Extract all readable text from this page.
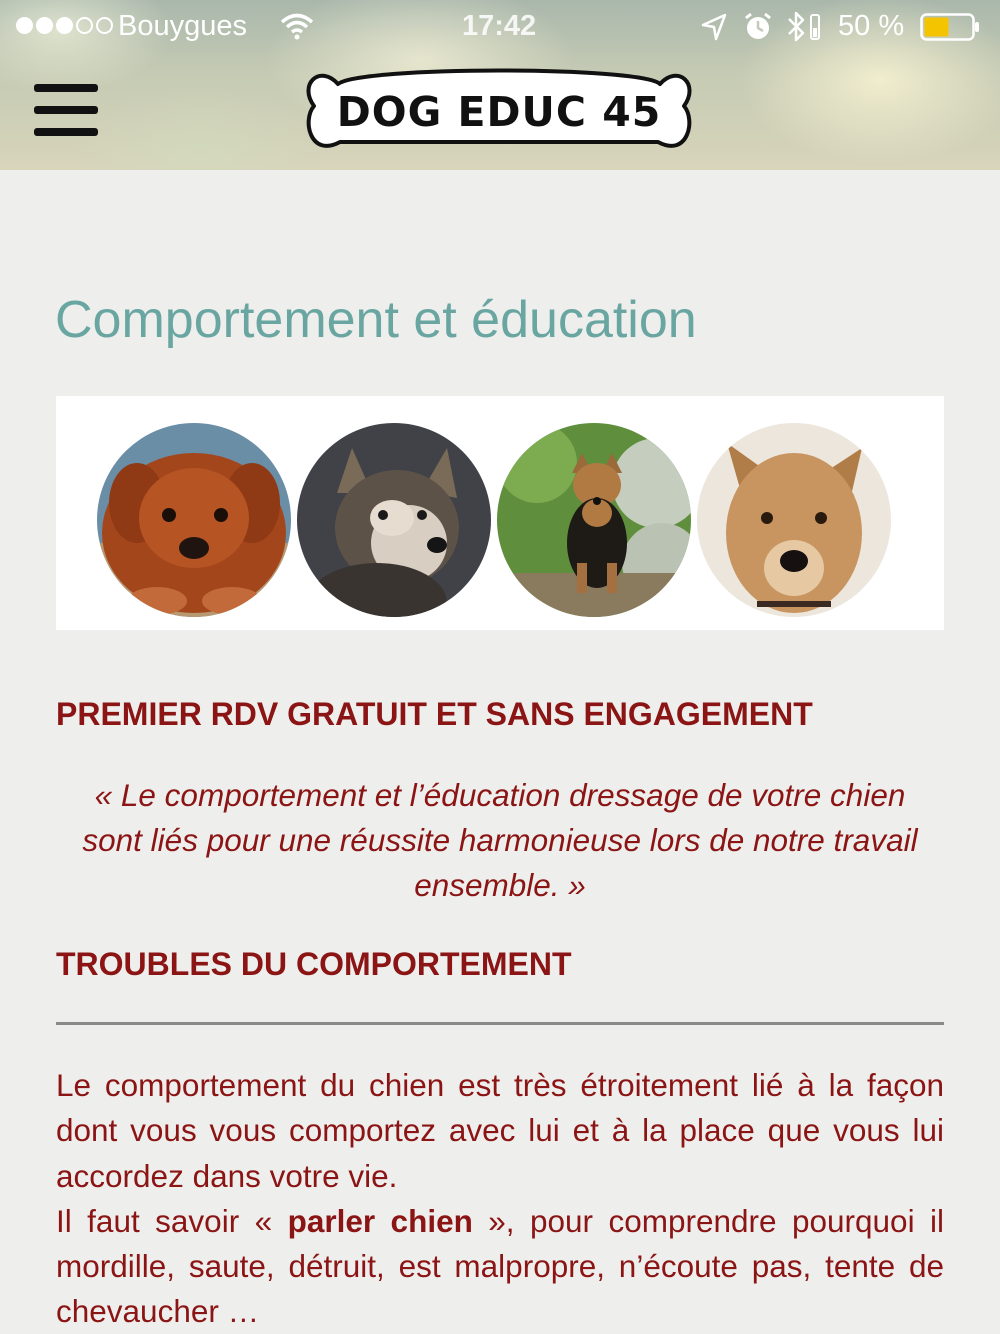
Bouygues	17:42	50 %
DOG EDUC 45
Comportement et éducation
PREMIER RDV GRATUIT ET SANS ENGAGEMENT

« Le comportement et l’éducation dressage de votre chien sont liés pour une réussite harmonieuse lors de notre travail ensemble. »

TROUBLES DU COMPORTEMENT

Le comportement du chien est très étroitement lié à la façon dont vous vous comportez avec lui et à la place que vous lui accordez dans votre vie.

Il faut savoir « parler chien », pour comprendre pourquoi il mordille, saute, détruit, est malpropre, n’écoute pas, tente de chevaucher …
